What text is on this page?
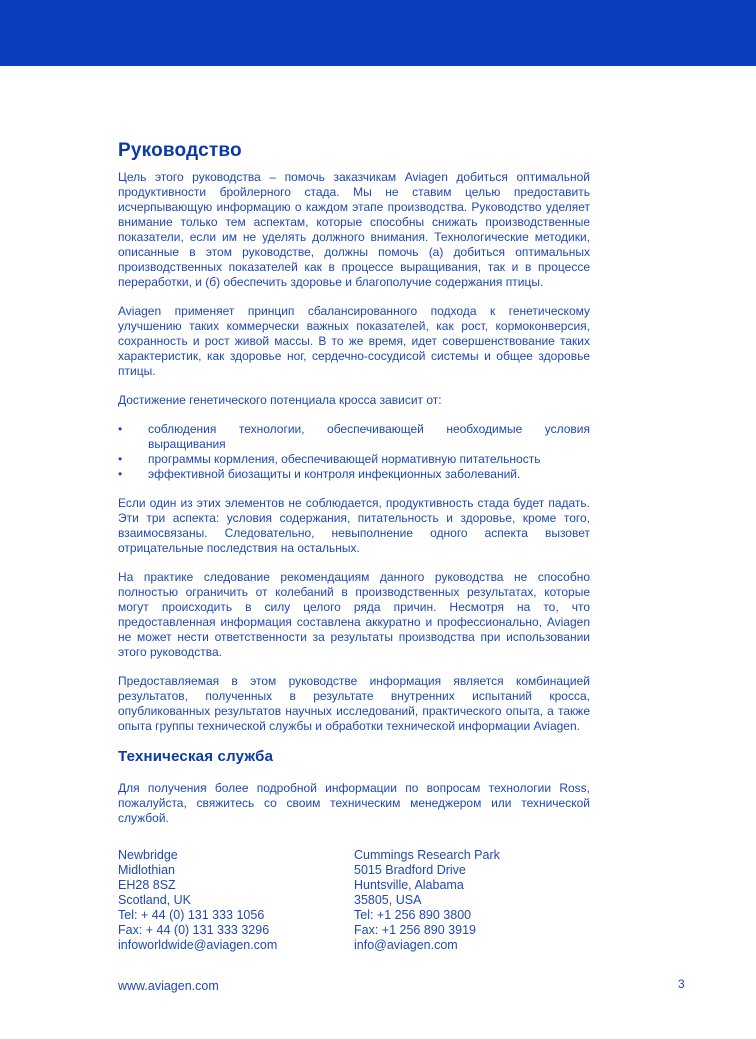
Руководство

Цель этого руководства – помочь заказчикам Aviagen добиться оптимальной продуктивности бройлерного стада. Мы не ставим целью предоставить исчерпывающую информацию о каждом этапе производства. Руководство уделяет внимание только тем аспектам, которые способны снижать производственные показатели, если им не уделять должного внимания. Технологические методики, описанные в этом руководстве, должны помочь (а) добиться оптимальных производственных показателей как в процессе выращивания, так и в процессе переработки, и (б) обеспечить здоровье и благополучие содержания птицы.

Aviagen применяет принцип сбалансированного подхода к генетическому улучшению таких коммерчески важных показателей, как рост, кормоконверсия, сохранность и рост живой массы. В то же время, идет совершенствование таких характеристик, как здоровье ног, сердечно-сосудисой системы и общее здоровье птицы.

Достижение генетического потенциала кросса зависит от:

• соблюдения технологии, обеспечивающей необходимые условия выращивания
• программы кормления, обеспечивающей нормативную питательность
• эффективной биозащиты и контроля инфекционных заболеваний.

Если один из этих элементов не соблюдается, продуктивность стада будет падать. Эти три аспекта: условия содержания, питательность и здоровье, кроме того, взаимосвязаны. Следовательно, невыполнение одного аспекта вызовет отрицательные последствия на остальных.

На практике следование рекомендациям данного руководства не способно полностью ограничить от колебаний в производственных результатах, которые могут происходить в силу целого ряда причин. Несмотря на то, что предоставленная информация составлена аккуратно и профессионально, Aviagen не может нести ответственности за результаты производства при использовании этого руководства.

Предоставляемая в этом руководстве информация является комбинацией результатов, полученных в результате внутренних испытаний кросса, опубликованных результатов научных исследований, практического опыта, а также опыта группы технической службы и обработки технической информации Aviagen.

Техническая служба

Для получения более подробной информации по вопросам технологии Ross, пожалуйста, свяжитесь со своим техническим менеджером или технической службой.

Newbridge
Midlothian
EH28 8SZ
Scotland, UK
Tel: + 44 (0) 131 333 1056
Fax: + 44 (0) 131 333 3296
infoworldwide@aviagen.com
Cummings Research Park
5015 Bradford Drive
Huntsville, Alabama
35805, USA
Tel: +1 256 890 3800
Fax: +1 256 890 3919
info@aviagen.com
www.aviagen.com	3
